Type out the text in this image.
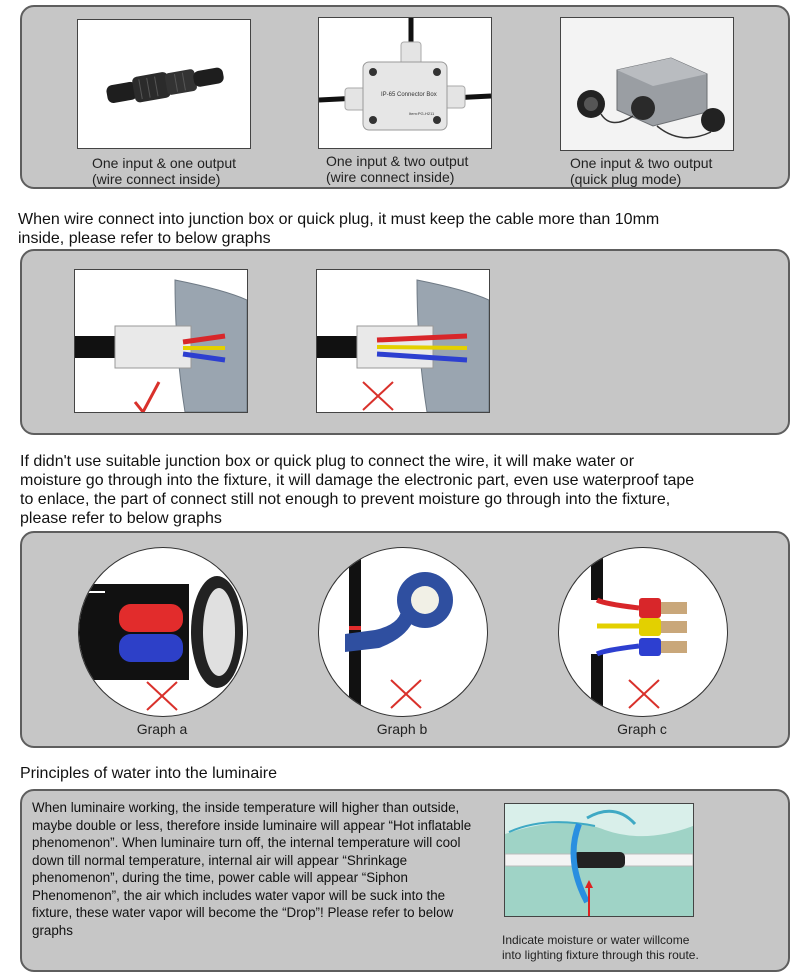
One input & one output
(wire connect inside)
IP-65 Connector Box
Item:PG-H211
One input & two output
(wire connect inside)
One input & two output
(quick plug mode)
When wire connect into junction box or quick plug, it must keep the cable more than 10mm
inside, please refer to below graphs
If didn't use suitable junction box or quick plug to connect the wire, it will make water or
moisture go through into the fixture, it will damage the electronic part, even use waterproof tape
to enlace, the part of connect still not enough to prevent moisture go through into the fixture,
please refer to below graphs
Graph a	Graph b	Graph c
Principles of water into the luminaire
When luminaire working, the inside temperature will higher than outside, maybe double or less, therefore inside luminaire will appear “Hot inflatable phenomenon”. When luminaire turn off, the internal temperature will cool down till normal temperature, internal air will appear “Shrinkage phenomenon”, during the time, power cable will appear “Siphon Phenomenon”, the air which includes water vapor will be suck into the fixture, these water vapor will become the “Drop”! Please refer to below graphs
Indicate moisture or water willcome
into lighting fixture through this route.
